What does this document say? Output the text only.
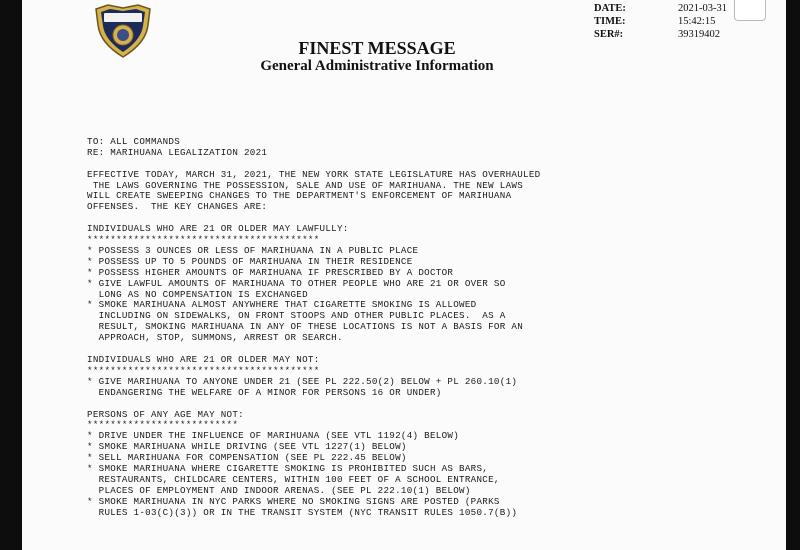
DATE:	2021-03-31
TIME:	15:42:15
SER#:	39319402
FINEST MESSAGE
General Administrative Information

TO: ALL COMMANDS
RE: MARIHUANA LEGALIZATION 2021
EFFECTIVE TODAY, MARCH 31, 2021, THE NEW YORK STATE LEGISLATURE HAS OVERHAULED
THE LAWS GOVERNING THE POSSESSION, SALE AND USE OF MARIHUANA. THE NEW LAWS
WILL CREATE SWEEPING CHANGES TO THE DEPARTMENT'S ENFORCEMENT OF MARIHUANA
OFFENSES.  THE KEY CHANGES ARE:
INDIVIDUALS WHO ARE 21 OR OLDER MAY LAWFULLY:
****************************************
* POSSESS 3 OUNCES OR LESS OF MARIHUANA IN A PUBLIC PLACE
* POSSESS UP TO 5 POUNDS OF MARIHUANA IN THEIR RESIDENCE
* POSSESS HIGHER AMOUNTS OF MARIHUANA IF PRESCRIBED BY A DOCTOR
* GIVE LAWFUL AMOUNTS OF MARIHUANA TO OTHER PEOPLE WHO ARE 21 OR OVER SO
LONG AS NO COMPENSATION IS EXCHANGED
* SMOKE MARIHUANA ALMOST ANYWHERE THAT CIGARETTE SMOKING IS ALLOWED
INCLUDING ON SIDEWALKS, ON FRONT STOOPS AND OTHER PUBLIC PLACES.  AS A
RESULT, SMOKING MARIHUANA IN ANY OF THESE LOCATIONS IS NOT A BASIS FOR AN
APPROACH, STOP, SUMMONS, ARREST OR SEARCH.
INDIVIDUALS WHO ARE 21 OR OLDER MAY NOT:
****************************************
* GIVE MARIHUANA TO ANYONE UNDER 21 (SEE PL 222.50(2) BELOW + PL 260.10(1)
ENDANGERING THE WELFARE OF A MINOR FOR PERSONS 16 OR UNDER)
PERSONS OF ANY AGE MAY NOT:
**************************
* DRIVE UNDER THE INFLUENCE OF MARIHUANA (SEE VTL 1192(4) BELOW)
* SMOKE MARIHUANA WHILE DRIVING (SEE VTL 1227(1) BELOW)
* SELL MARIHUANA FOR COMPENSATION (SEE PL 222.45 BELOW)
* SMOKE MARIHUANA WHERE CIGARETTE SMOKING IS PROHIBITED SUCH AS BARS,
RESTAURANTS, CHILDCARE CENTERS, WITHIN 100 FEET OF A SCHOOL ENTRANCE,
PLACES OF EMPLOYMENT AND INDOOR ARENAS. (SEE PL 222.10(1) BELOW)
* SMOKE MARIHUANA IN NYC PARKS WHERE NO SMOKING SIGNS ARE POSTED (PARKS
RULES 1-03(C)(3)) OR IN THE TRANSIT SYSTEM (NYC TRANSIT RULES 1050.7(B))
